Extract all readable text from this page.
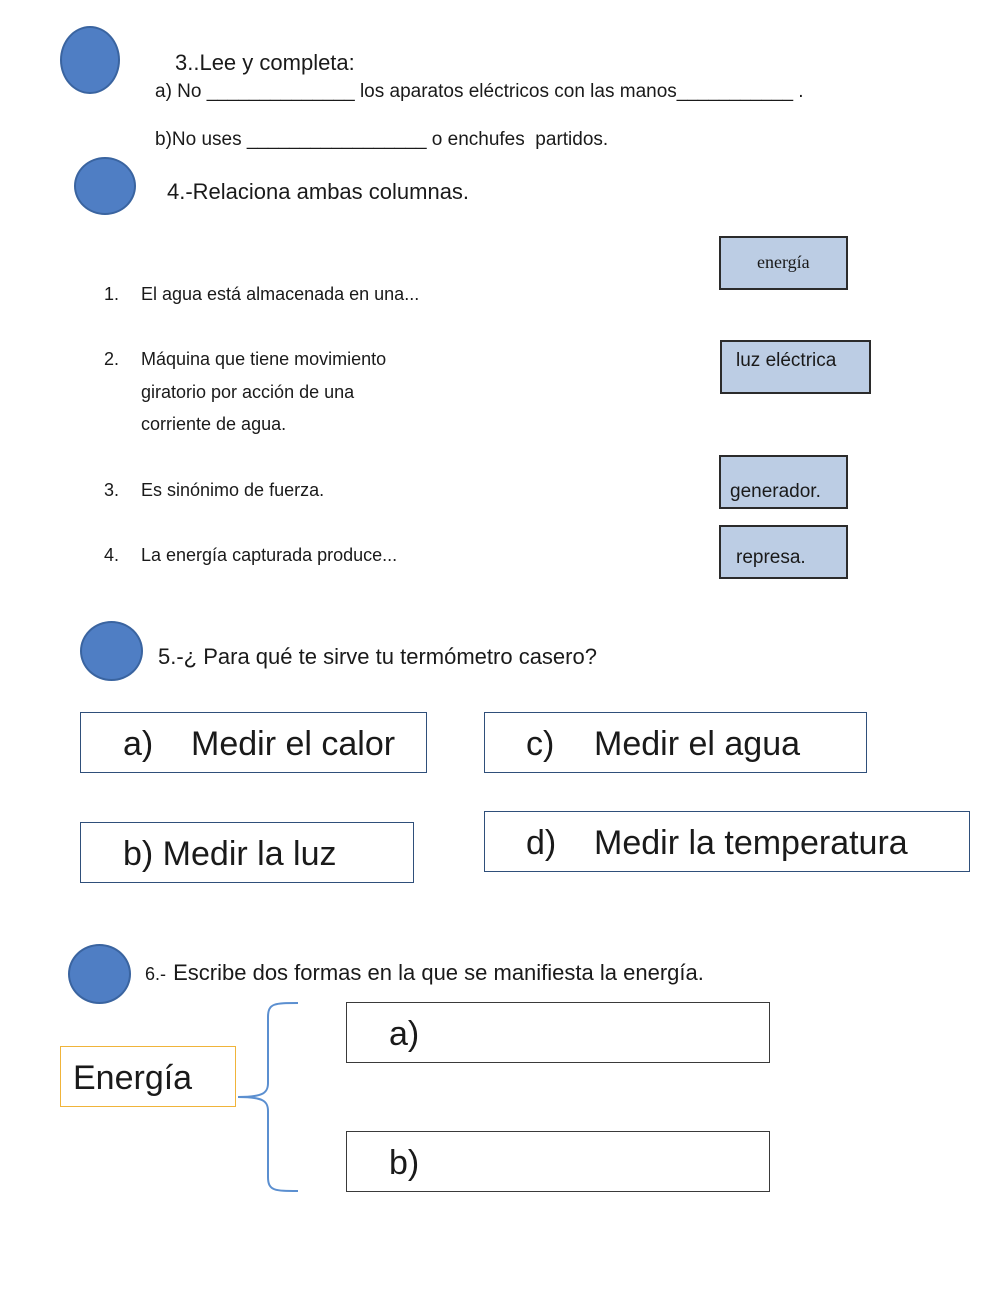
3..Lee y completa:
a) No ______________ los aparatos eléctricos con las manos___________ .
b)No uses _________________ o enchufes  partidos.
4.-Relaciona ambas columnas.
1. El agua está almacenada en una...
2. Máquina que tiene movimiento
giratorio por acción de una
corriente de agua.
3. Es sinónimo de fuerza.
4. La energía capturada produce...
energía
luz eléctrica
generador.
represa.
5.-¿ Para qué te sirve tu termómetro casero?
a) Medir el calor	c) Medir el agua
b) Medir la luz	d) Medir la temperatura
6.- Escribe dos formas en la que se manifiesta la energía.
Energía
a)
b)
